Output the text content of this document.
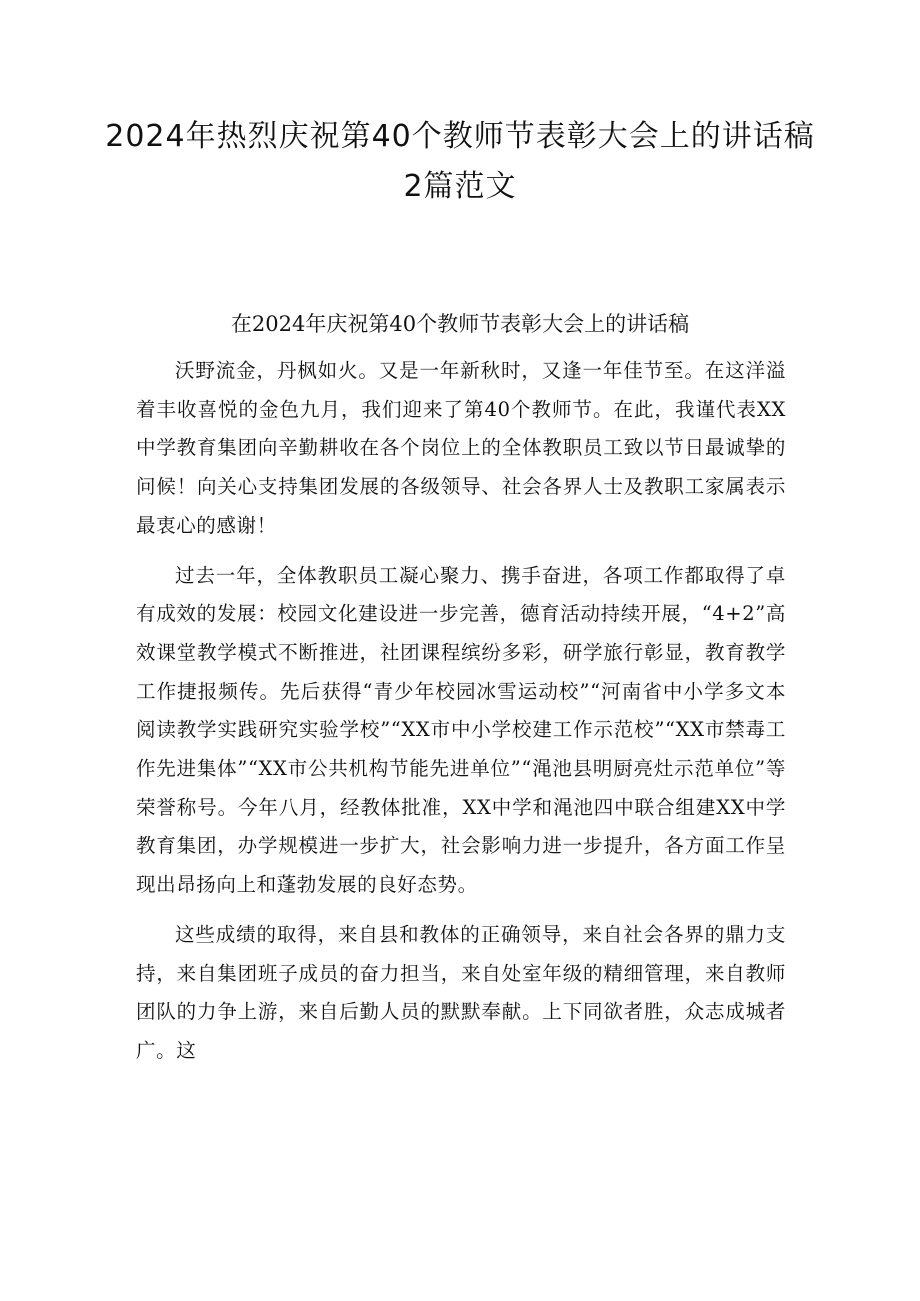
2024年热烈庆祝第40个教师节表彰大会上的讲话稿2篇范文
在2024年庆祝第40个教师节表彰大会上的讲话稿

沃野流金，丹枫如火。又是一年新秋时，又逢一年佳节至。在这洋溢着丰收喜悦的金色九月，我们迎来了第40个教师节。在此，我谨代表XX中学教育集团向辛勤耕收在各个岗位上的全体教职员工致以节日最诚挚的问候！向关心支持集团发展的各级领导、社会各界人士及教职工家属表示最衷心的感谢！

过去一年，全体教职员工凝心聚力、携手奋进，各项工作都取得了卓有成效的发展：校园文化建设进一步完善，德育活动持续开展，“4+2”高效课堂教学模式不断推进，社团课程缤纷多彩，研学旅行彰显，教育教学工作捷报频传。先后获得“青少年校园冰雪运动校”“河南省中小学多文本阅读教学实践研究实验学校”“XX市中小学校建工作示范校”“XX市禁毒工作先进集体”“XX市公共机构节能先进单位”“渑池县明厨亮灶示范单位”等荣誉称号。今年八月，经教体批准，XX中学和渑池四中联合组建XX中学教育集团，办学规模进一步扩大，社会影响力进一步提升，各方面工作呈现出昂扬向上和蓬勃发展的良好态势。

这些成绩的取得，来自县和教体的正确领导，来自社会各界的鼎力支持，来自集团班子成员的奋力担当，来自处室年级的精细管理，来自教师团队的力争上游，来自后勤人员的默默奉献。上下同欲者胜，众志成城者广。这
